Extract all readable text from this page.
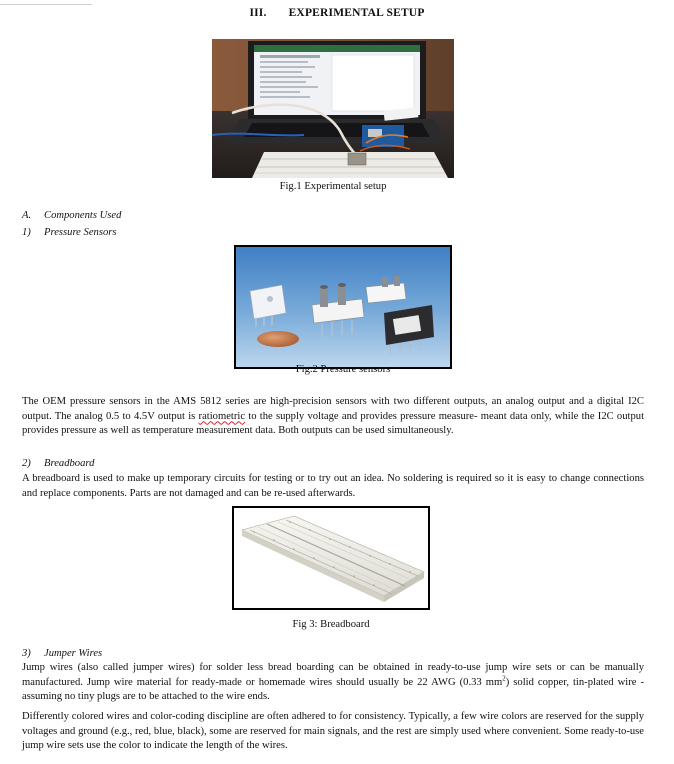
III. EXPERIMENTAL SETUP
Fig.1 Experimental setup
A. Components Used
1) Pressure Sensors
Fig.2 Pressure sensors
The OEM pressure sensors in the AMS 5812 series are high-precision sensors with two different outputs, an analog output and a digital I2C output. The analog 0.5 to 4.5V output is ratiometric to the supply voltage and provides pressure measure- meant data only, while the I2C output provides pressure as well as temperature measurement data. Both outputs can be used simultaneously.
2) Breadboard
A breadboard is used to make up temporary circuits for testing or to try out an idea. No soldering is required so it is easy to change connections and replace components. Parts are not damaged and can be re-used afterwards.
Fig 3: Breadboard
3) Jumper Wires
Jump wires (also called jumper wires) for solder less bread boarding can be obtained in ready-to-use jump wire sets or can be manually manufactured. Jump wire material for ready-made or homemade wires should usually be 22 AWG (0.33 $mm^2$) solid copper, tin-plated wire - assuming no tiny plugs are to be attached to the wire ends.
Differently colored wires and color-coding discipline are often adhered to for consistency. Typically, a few wire colors are reserved for the supply voltages and ground (e.g., red, blue, black), some are reserved for main signals, and the rest are simply used where convenient. Some ready-to-use jump wire sets use the color to indicate the length of the wires.
